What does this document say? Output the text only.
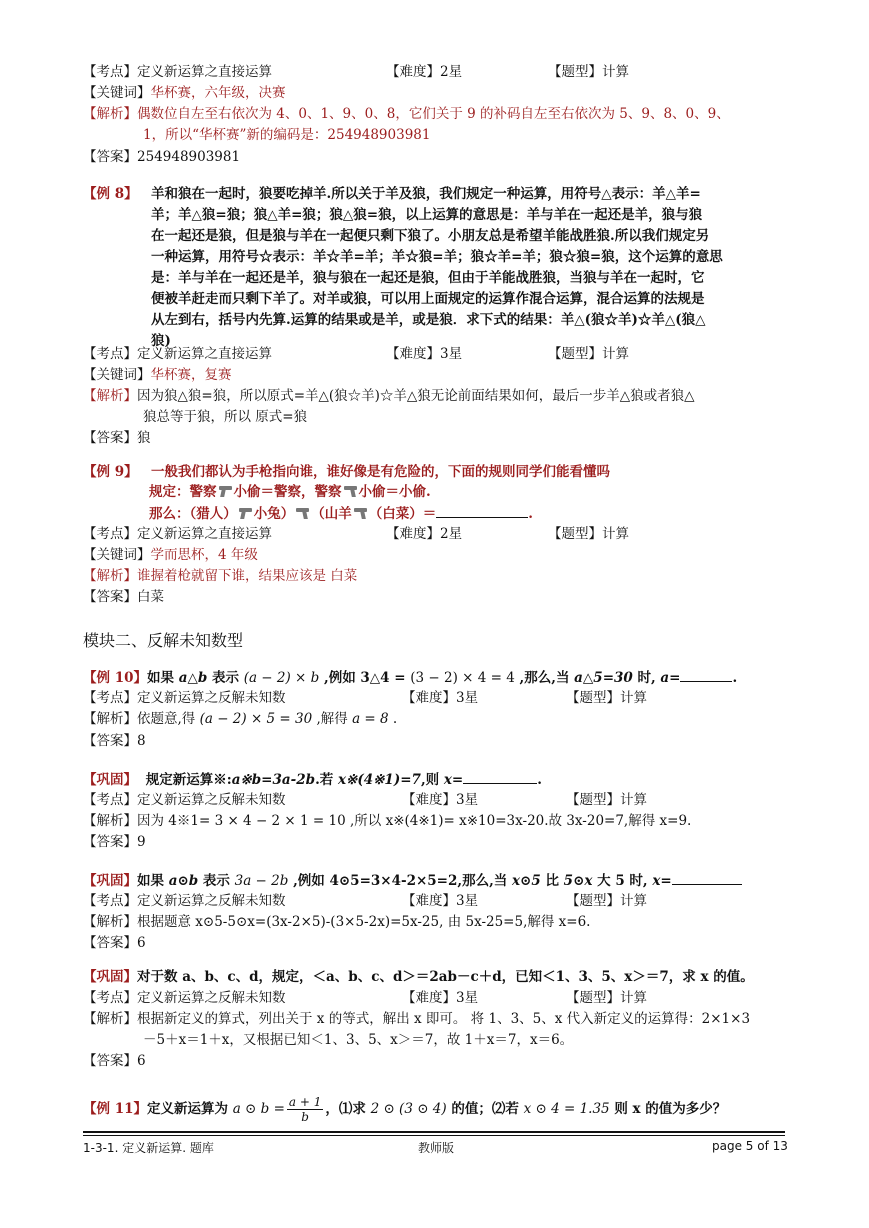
【考点】定义新运算之直接运算	【难度】2星	【题型】计算
【关键词】华杯赛，六年级，决赛
【解析】偶数位自左至右依次为 4、0、1、9、0、8，它们关于 9 的补码自左至右依次为 5、9、8、0、9、
1，所以“华杯赛”新的编码是：254948903981
【答案】254948903981
【例 8】 羊和狼在一起时，狼要吃掉羊.所以关于羊及狼，我们规定一种运算，用符号△表示：羊△羊=
羊；羊△狼=狼；狼△羊=狼；狼△狼=狼，以上运算的意思是：羊与羊在一起还是羊，狼与狼
在一起还是狼，但是狼与羊在一起便只剩下狼了。小朋友总是希望羊能战胜狼.所以我们规定另
一种运算，用符号☆表示：羊☆羊=羊；羊☆狼=羊；狼☆羊=羊；狼☆狼=狼，这个运算的意思
是：羊与羊在一起还是羊，狼与狼在一起还是狼，但由于羊能战胜狼，当狼与羊在一起时，它
便被羊赶走而只剩下羊了。对羊或狼，可以用上面规定的运算作混合运算，混合运算的法规是
从左到右，括号内先算.运算的结果或是羊，或是狼．求下式的结果：羊△(狼☆羊)☆羊△(狼△
狼)
【考点】定义新运算之直接运算	【难度】3星	【题型】计算
【关键词】华杯赛，复赛
【解析】因为狼△狼=狼，所以原式=羊△(狼☆羊)☆羊△狼无论前面结果如何，最后一步羊△狼或者狼△
狼总等于狼，所以 原式=狼
【答案】狼
【例 9】 一般我们都认为手枪指向谁，谁好像是有危险的，下面的规则同学们能看懂吗
规定：警察 小偷＝警察，警察 小偷＝小偷.
那么：（猎人） 小兔） （山羊 （白菜）＝	.
【考点】定义新运算之直接运算	【难度】2星	【题型】计算
【关键词】学而思杯，4 年级
【解析】谁握着枪就留下谁，结果应该是 白菜
【答案】白菜
模块二、反解未知数型
【例 10】如果 a△b 表示 (a − 2) × b ,例如 3△4 = (3 − 2) × 4 = 4 ,那么,当 a△5=30 时, a=	.
【考点】定义新运算之反解未知数	【难度】3星	【题型】计算
【解析】依题意,得 (a − 2) × 5 = 30 ,解得 a = 8 .
【答案】8
【巩固】 规定新运算※:a※b=3a-2b.若 x※(4※1)=7,则 x=	.
【考点】定义新运算之反解未知数	【难度】3星	【题型】计算
【解析】因为 4※1= 3 × 4 − 2 × 1 = 10 ,所以 x※(4※1)= x※10=3x-20.故 3x-20=7,解得 x=9.
【答案】9
【巩固】如果 a⊙b 表示 3a − 2b ,例如 4⊙5=3×4-2×5=2,那么,当 x⊙5 比 5⊙x 大 5 时, x=
【考点】定义新运算之反解未知数	【难度】3星	【题型】计算
【解析】根据题意 x⊙5-5⊙x=(3x-2×5)-(3×5-2x)=5x-25, 由 5x-25=5,解得 x=6.
【答案】6
【巩固】对于数 a、b、c、d，规定，＜a、b、c、d＞＝2ab－c＋d，已知＜1、3、5、x＞＝7，求 x 的值。
【考点】定义新运算之反解未知数	【难度】3星	【题型】计算
【解析】根据新定义的算式，列出关于 x 的等式，解出 x 即可。 将 1、3、5、x 代入新定义的运算得：2×1×3
－5＋x＝1＋x，又根据已知＜1、3、5、x＞＝7，故 1＋x＝7，x＝6。
【答案】6
【例 11】定义新运算为 a ⊙ $b = \frac{a + 1}{b}$ ，⑴求 2 ⊙ (3 ⊙ 4) 的值；⑵若 x ⊙ 4 = 1.35 则 x 的值为多少？
1-3-1. 定义新运算. 题库	教师版	page 5 of 13
